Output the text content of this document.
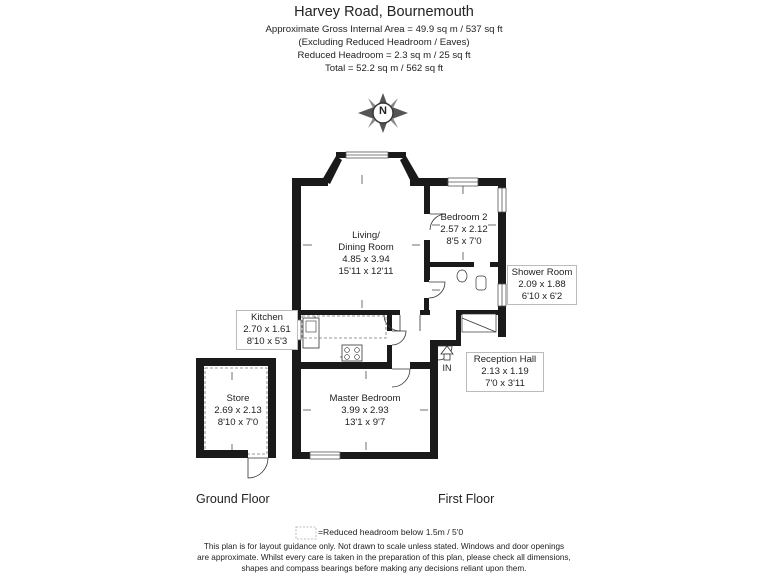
Harvey Road, Bournemouth
Approximate Gross Internal Area = 49.9 sq m / 537 sq ft
(Excluding Reduced Headroom / Eaves)
Reduced Headroom = 2.3 sq m / 25 sq ft
Total = 52.2 sq m / 562 sq ft
N
Living/
Dining Room
4.85 x 3.94
15'11 x 12'11
Bedroom 2
2.57 x 2.12
8'5 x 7'0
Shower Room
2.09 x 1.88
6'10 x 6'2
Kitchen
2.70 x 1.61
8'10 x 5'3
Reception Hall
2.13 x 1.19
7'0 x 3'11
Master Bedroom
3.99 x 2.93
13'1 x 9'7
Store
2.69 x 2.13
8'10 x 7'0
IN
Ground Floor	First Floor
=Reduced headroom below 1.5m / 5'0
This plan is for layout guidance only. Not drawn to scale unless stated. Windows and door openings
are approximate. Whilst every care is taken in the preparation of this plan, please check all dimensions,
shapes and compass bearings before making any decisions reliant upon them.
